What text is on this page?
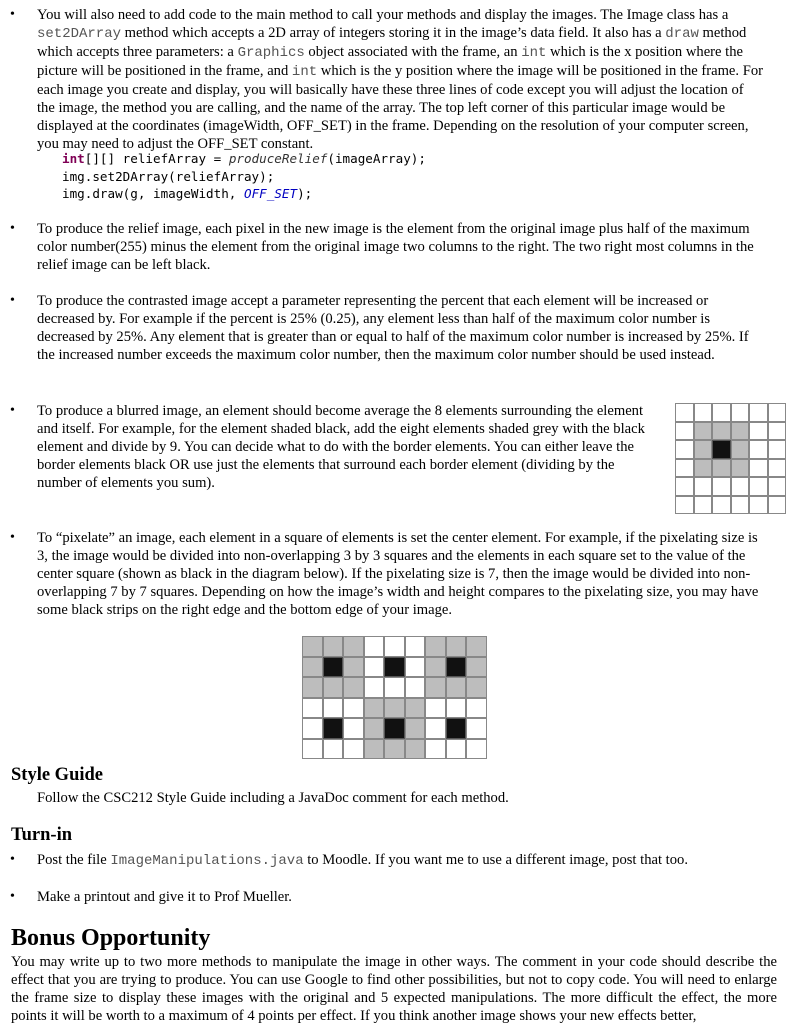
• You will also need to add code to the main method to call your methods and display the images. The Image class has a set2DArray method which accepts a 2D array of integers storing it in the image’s data field. It also has a draw method which accepts three parameters: a Graphics object associated with the frame, an int which is the x position where the picture will be positioned in the frame, and int which is the y position where the image will be positioned in the frame. For each image you create and display, you will basically have these three lines of code except you will adjust the location of the image, the method you are calling, and the name of the array. The top left corner of this particular image would be displayed at the coordinates (imageWidth, OFF_SET) in the frame. Depending on the resolution of your computer screen, you may need to adjust the OFF_SET constant.

int[][] reliefArray = produceRelief(imageArray);
img.set2DArray(reliefArray);
img.draw(g, imageWidth, OFF_SET);
• To produce the relief image, each pixel in the new image is the element from the original image plus half of the maximum color number(255) minus the element from the original image two columns to the right. The two right most columns in the relief image can be left black.

• To produce the contrasted image accept a parameter representing the percent that each element will be increased or decreased by. For example if the percent is 25% (0.25), any element less than half of the maximum color number is decreased by 25%. Any element that is greater than or equal to half of the maximum color number is increased by 25%. If the increased number exceeds the maximum color number, then the maximum color number should be used instead.

• To produce a blurred image, an element should become average the 8 elements surrounding the element and itself. For example, for the element shaded black, add the eight elements shaded grey with the black element and divide by 9. You can decide what to do with the border elements. You can either leave the border elements black OR use just the elements that surround each border element (dividing by the number of elements you sum).

• To “pixelate” an image, each element in a square of elements is set the center element. For example, if the pixelating size is 3, the image would be divided into non-overlapping 3 by 3 squares and the elements in each square set to the value of the center square (shown as black in the diagram below). If the pixelating size is 7, then the image would be divided into non-overlapping 7 by 7 squares. Depending on how the image’s width and height compares to the pixelating size, you may have some black strips on the right edge and the bottom edge of your image.

Style Guide

Follow the CSC212 Style Guide including a JavaDoc comment for each method.

Turn-in
• Post the file ImageManipulations.java to Moodle. If you want me to use a different image, post that too.

• Make a printout and give it to Prof Mueller.

Bonus Opportunity

You may write up to two more methods to manipulate the image in other ways. The comment in your code should describe the effect that you are trying to produce. You can use Google to find other possibilities, but not to copy code. You will need to enlarge the frame size to display these images with the original and 5 expected manipulations. The more difficult the effect, the more points it will be worth to a maximum of 4 points per effect. If you think another image shows your new effects better,
